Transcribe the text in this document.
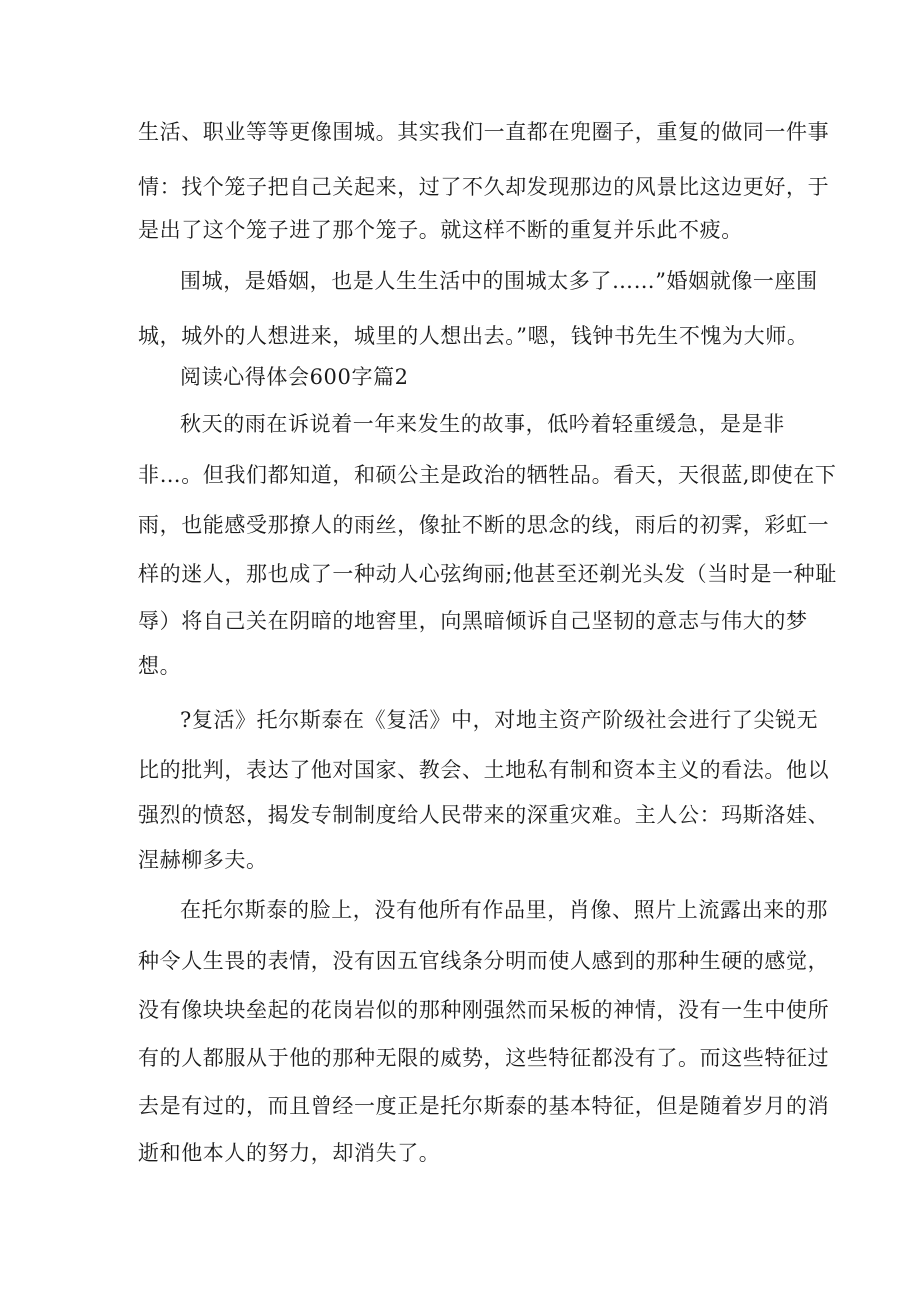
生活、职业等等更像围城。其实我们一直都在兜圈子，重复的做同一件事
情：找个笼子把自己关起来，过了不久却发现那边的风景比这边更好，于
是出了这个笼子进了那个笼子。就这样不断的重复并乐此不疲。
围城，是婚姻，也是人生生活中的围城太多了……”婚姻就像一座围
城，城外的人想进来，城里的人想出去。”嗯，钱钟书先生不愧为大师。
阅读心得体会600字篇2
秋天的雨在诉说着一年来发生的故事，低吟着轻重缓急，是是非
非…。但我们都知道，和硕公主是政治的牺牲品。看天，天很蓝,即使在下
雨，也能感受那撩人的雨丝，像扯不断的思念的线，雨后的初霁，彩虹一
样的迷人，那也成了一种动人心弦绚丽;他甚至还剃光头发（当时是一种耻
辱）将自己关在阴暗的地窖里，向黑暗倾诉自己坚韧的意志与伟大的梦
想。
?复活》托尔斯泰在《复活》中，对地主资产阶级社会进行了尖锐无
比的批判，表达了他对国家、教会、土地私有制和资本主义的看法。他以
强烈的愤怒，揭发专制制度给人民带来的深重灾难。主人公：玛斯洛娃、
涅赫柳多夫。
在托尔斯泰的脸上，没有他所有作品里，肖像、照片上流露出来的那
种令人生畏的表情，没有因五官线条分明而使人感到的那种生硬的感觉，
没有像块块垒起的花岗岩似的那种刚强然而呆板的神情，没有一生中使所
有的人都服从于他的那种无限的威势，这些特征都没有了。而这些特征过
去是有过的，而且曾经一度正是托尔斯泰的基本特征，但是随着岁月的消
逝和他本人的努力，却消失了。
